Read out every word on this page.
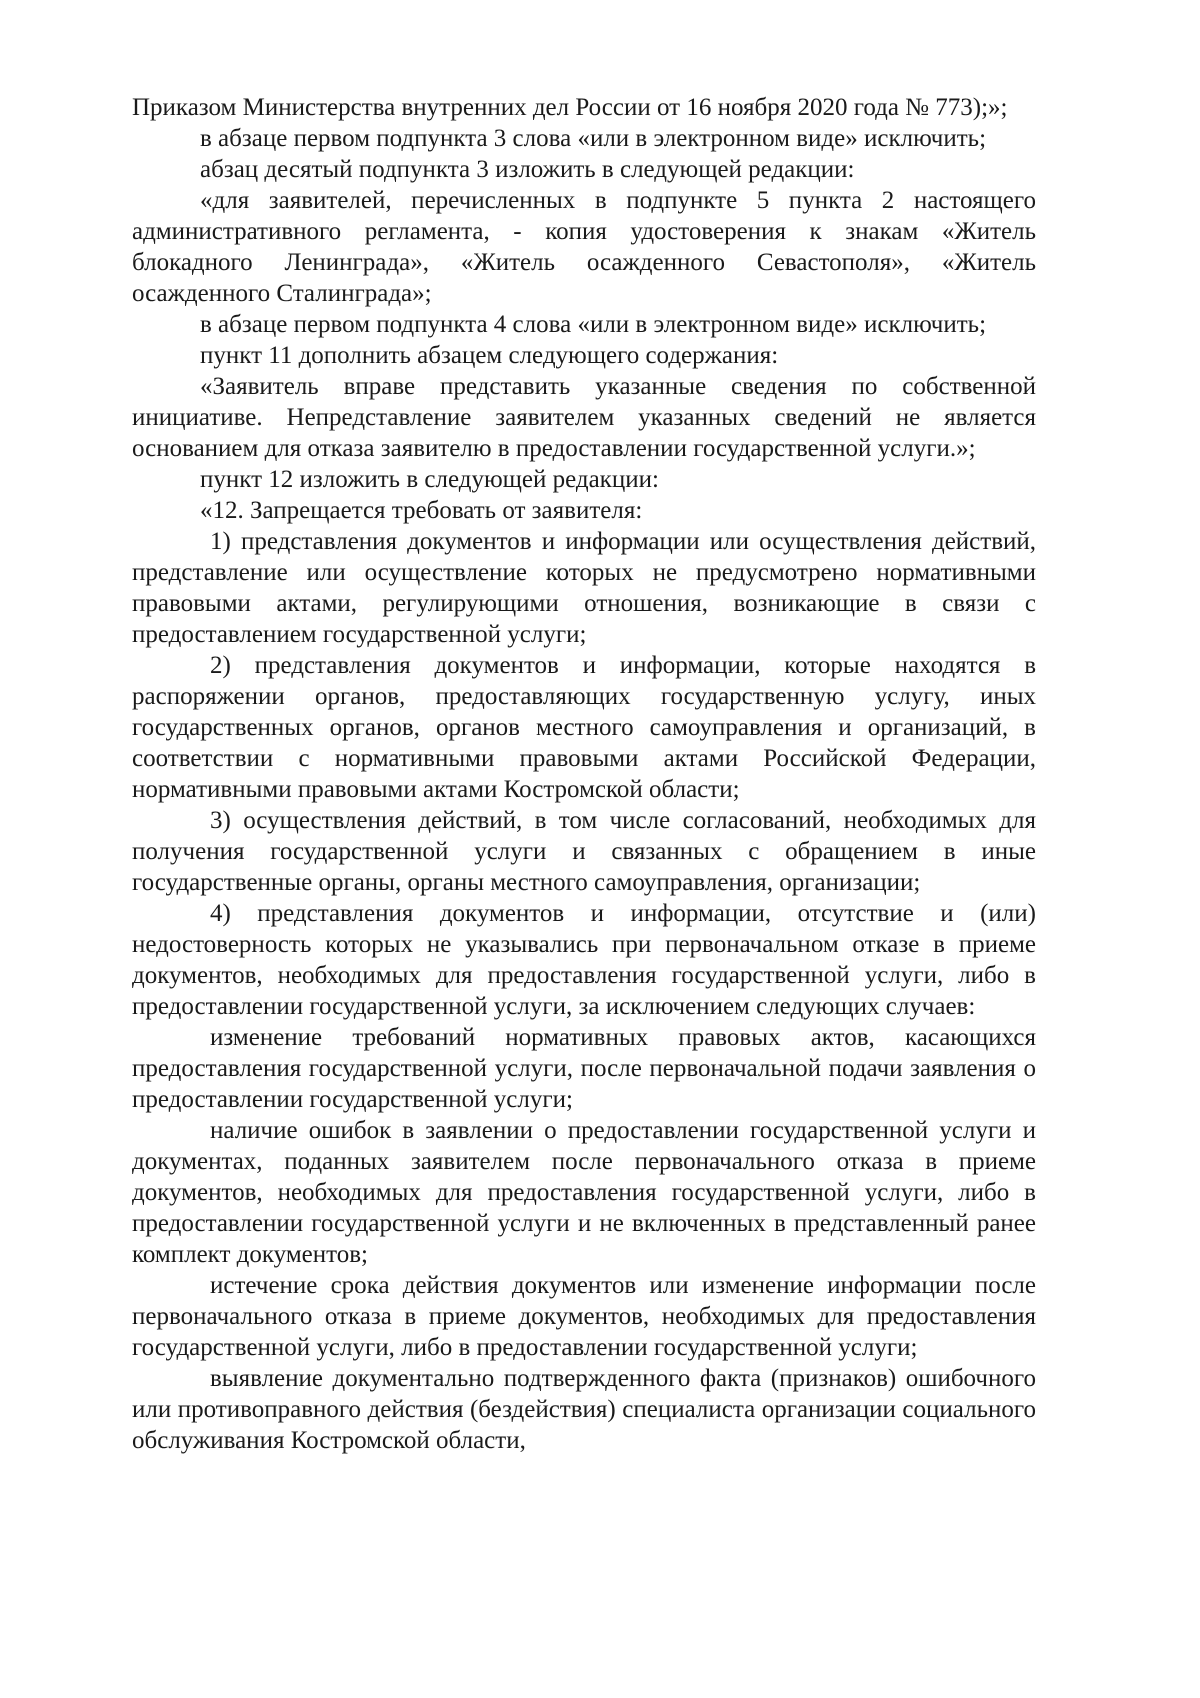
Приказом Министерства внутренних дел России от 16 ноября 2020 года № 773);»;

в абзаце первом подпункта 3 слова «или в электронном виде» исключить;

абзац десятый подпункта 3 изложить в следующей редакции:

«для заявителей, перечисленных в подпункте 5 пункта 2 настоящего административного регламента, - копия удостоверения к знакам «Житель блокадного Ленинграда», «Житель осажденного Севастополя», «Житель осажденного Сталинграда»;

в абзаце первом подпункта 4 слова «или в электронном виде» исключить;

пункт 11 дополнить абзацем следующего содержания:

«Заявитель вправе представить указанные сведения по собственной инициативе. Непредставление заявителем указанных сведений не является основанием для отказа заявителю в предоставлении государственной услуги.»;

пункт 12 изложить в следующей редакции:

«12. Запрещается требовать от заявителя:

1) представления документов и информации или осуществления действий, представление или осуществление которых не предусмотрено нормативными правовыми актами, регулирующими отношения, возникающие в связи с предоставлением государственной услуги;

2) представления документов и информации, которые находятся в распоряжении органов, предоставляющих государственную услугу, иных государственных органов, органов местного самоуправления и организаций, в соответствии с нормативными правовыми актами Российской Федерации, нормативными правовыми актами Костромской области;

3) осуществления действий, в том числе согласований, необходимых для получения государственной услуги и связанных с обращением в иные государственные органы, органы местного самоуправления, организации;

4) представления документов и информации, отсутствие и (или) недостоверность которых не указывались при первоначальном отказе в приеме документов, необходимых для предоставления государственной услуги, либо в предоставлении государственной услуги, за исключением следующих случаев:

изменение требований нормативных правовых актов, касающихся предоставления государственной услуги, после первоначальной подачи заявления о предоставлении государственной услуги;

наличие ошибок в заявлении о предоставлении государственной услуги и документах, поданных заявителем после первоначального отказа в приеме документов, необходимых для предоставления государственной услуги, либо в предоставлении государственной услуги и не включенных в представленный ранее комплект документов;

истечение срока действия документов или изменение информации после первоначального отказа в приеме документов, необходимых для предоставления государственной услуги, либо в предоставлении государственной услуги;

выявление документально подтвержденного факта (признаков) ошибочного или противоправного действия (бездействия) специалиста организации социального обслуживания Костромской области,
